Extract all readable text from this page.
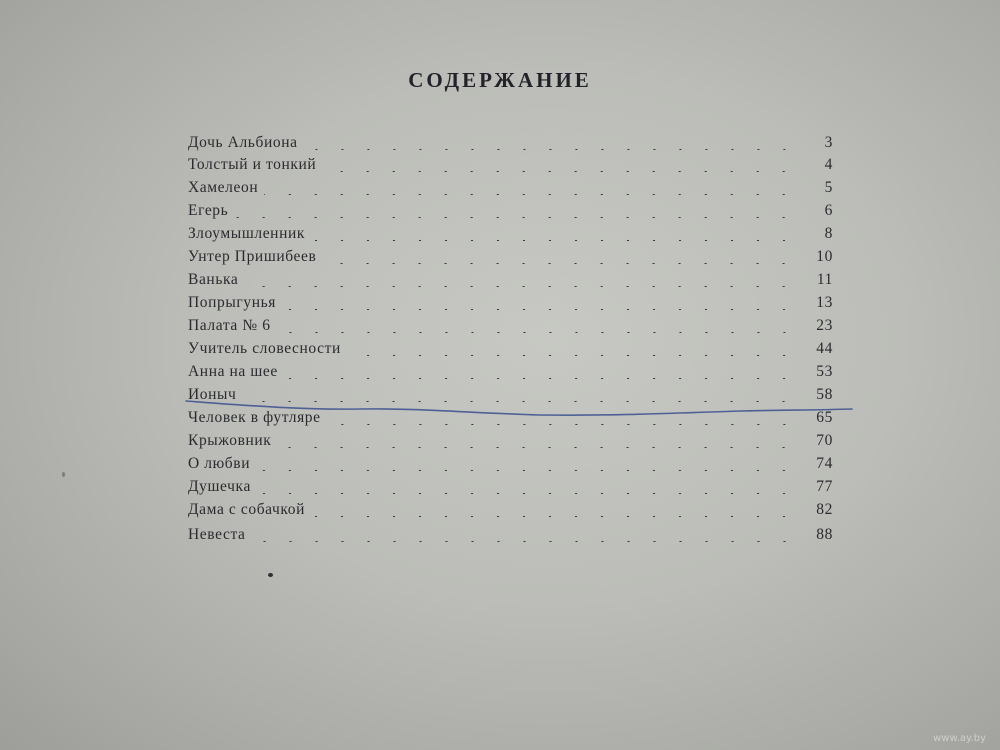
СОДЕРЖАНИЕ
Дочь Альбиона	3
Толстый и тонкий	4
Хамелеон	5
Егерь	6
Злоумышленник	8
Унтер Пришибеев	10
Ванька	11
Попрыгунья	13
Палата № 6	23
Учитель словесности	44
Анна на шее	53
Ионыч	58
Человек в футляре	65
Крыжовник	70
О любви	74
Душечка	77
Дама с собачкой	82
Невеста	88
www.ay.by
